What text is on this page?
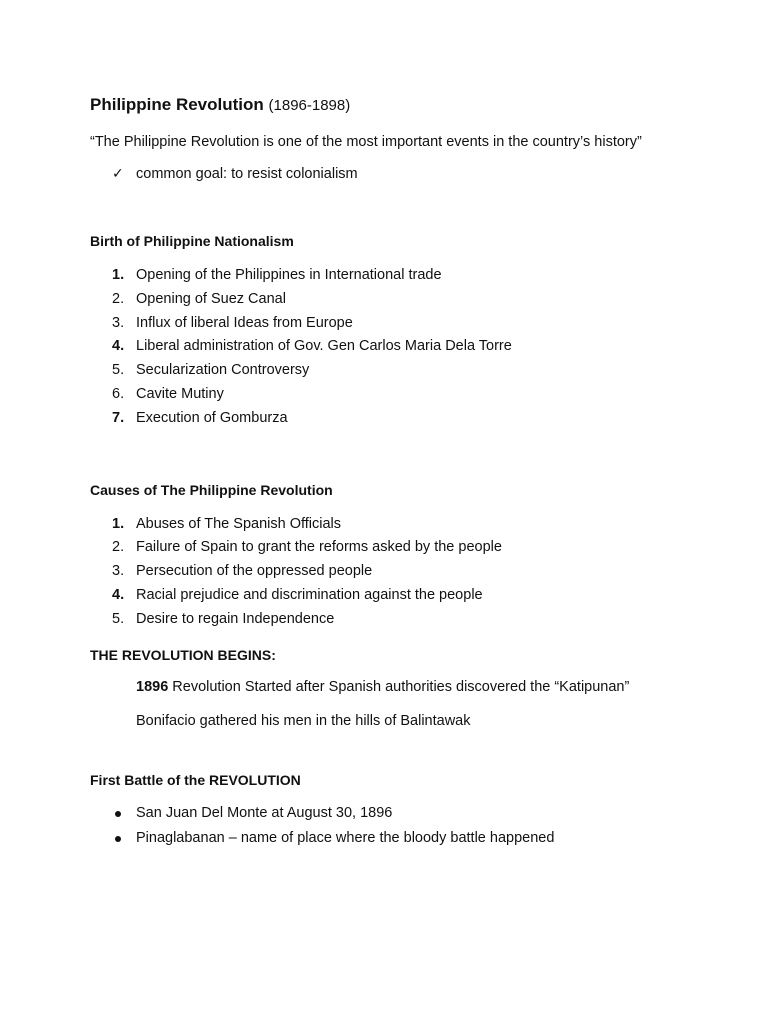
Philippine Revolution (1896-1898)

“The Philippine Revolution is one of the most important events in the country’s history”

✓ common goal: to resist colonialism
Birth of Philippine Nationalism
1. Opening of the Philippines in International trade
2. Opening of Suez Canal
3. Influx of liberal Ideas from Europe
4. Liberal administration of Gov. Gen Carlos Maria Dela Torre
5. Secularization Controversy
6. Cavite Mutiny
7. Execution of Gomburza
Causes of The Philippine Revolution
1. Abuses of The Spanish Officials
2. Failure of Spain to grant the reforms asked by the people
3. Persecution of the oppressed people
4. Racial prejudice and discrimination against the people
5. Desire to regain Independence
THE REVOLUTION BEGINS:

1896 Revolution Started after Spanish authorities discovered the “Katipunan”

Bonifacio gathered his men in the hills of Balintawak

First Battle of the REVOLUTION
San Juan Del Monte at August 30, 1896
Pinaglabanan – name of place where the bloody battle happened
